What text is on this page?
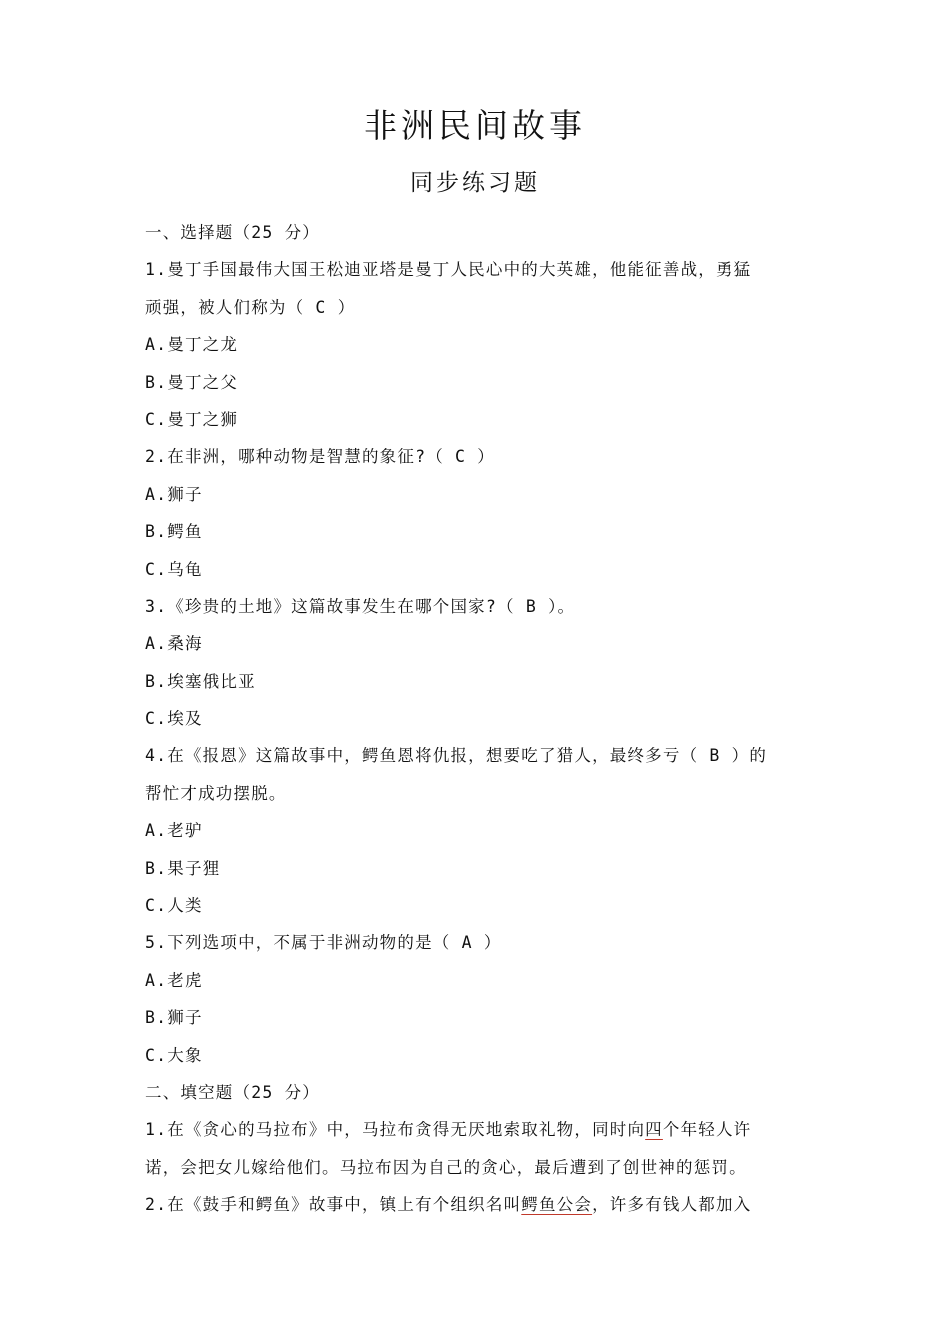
非洲民间故事
同步练习题
一、选择题（25 分）
1.曼丁手国最伟大国王松迪亚塔是曼丁人民心中的大英雄，他能征善战，勇猛
顽强，被人们称为（ C ）
A.曼丁之龙
B.曼丁之父
C.曼丁之狮
2.在非洲，哪种动物是智慧的象征?（ C ）
A.狮子
B.鳄鱼
C.乌龟
3.《珍贵的土地》这篇故事发生在哪个国家?（ B ）。
A.桑海
B.埃塞俄比亚
C.埃及
4.在《报恩》这篇故事中，鳄鱼恩将仇报，想要吃了猎人，最终多亏（ B ）的
帮忙才成功摆脱。
A.老驴
B.果子狸
C.人类
5.下列选项中，不属于非洲动物的是（ A ）
A.老虎
B.狮子
C.大象
二、填空题（25 分）
1.在《贪心的马拉布》中，马拉布贪得无厌地索取礼物，同时向四个年轻人许
诺，会把女儿嫁给他们。马拉布因为自己的贪心，最后遭到了创世神的惩罚。
2.在《鼓手和鳄鱼》故事中，镇上有个组织名叫鳄鱼公会，许多有钱人都加入
